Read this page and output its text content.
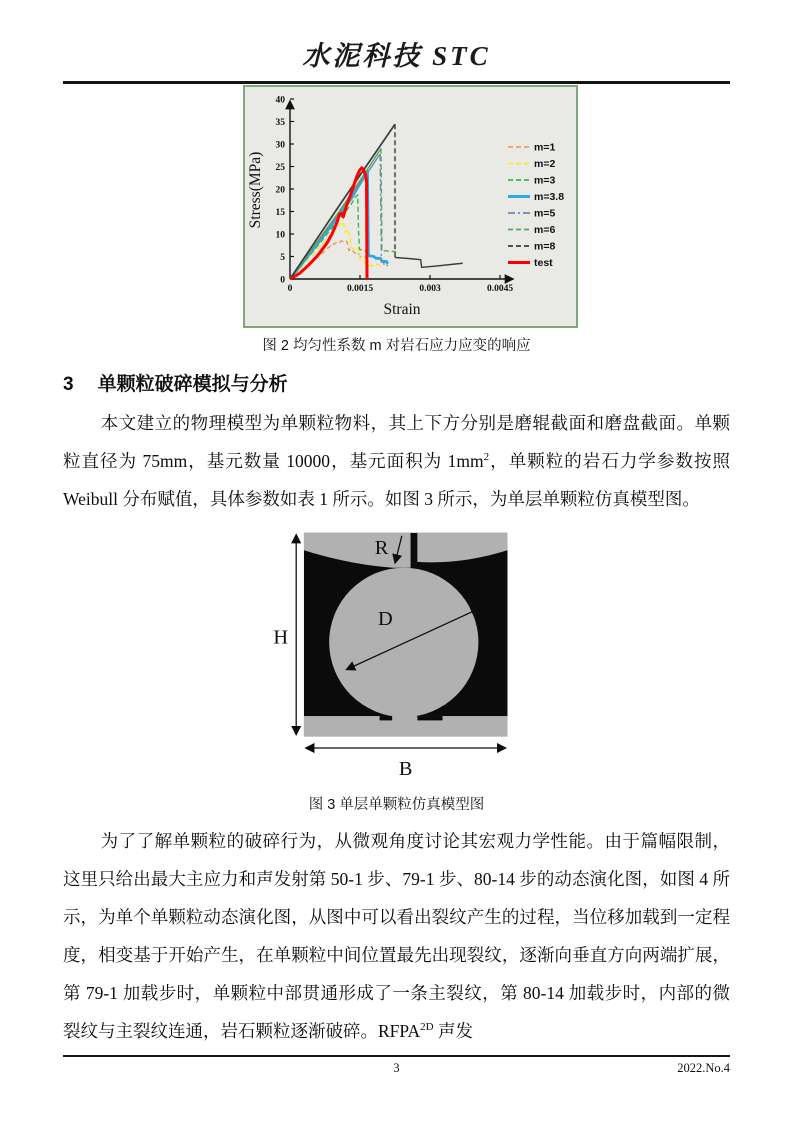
水泥科技 STC
0	0.0015	0.003	0.0045
0
5
10
15
20
25
30
35
40
m=1
m=2
m=3
m=3.8
m=5
m=6
m=8
test
Strain
Stress(MPa)
图 2 均匀性系数 m 对岩石应力应变的响应
3 单颗粒破碎模拟与分析
本文建立的物理模型为单颗粒物料，其上下方分别是磨辊截面和磨盘截面。单颗粒直径为 75mm，基元数量 10000，基元面积为 $1mm^2$，单颗粒的岩石力学参数按照 Weibull 分布赋值，具体参数如表 1 所示。如图 3 所示，为单层单颗粒仿真模型图。
D
R
H
B
图 3 单层单颗粒仿真模型图
为了了解单颗粒的破碎行为，从微观角度讨论其宏观力学性能。由于篇幅限制，这里只给出最大主应力和声发射第 50-1 步、79-1 步、80-14 步的动态演化图，如图 4 所示，为单个单颗粒动态演化图，从图中可以看出裂纹产生的过程，当位移加载到一定程度，相变基于开始产生，在单颗粒中间位置最先出现裂纹，逐渐向垂直方向两端扩展，第 79-1 加载步时，单颗粒中部贯通形成了一条主裂纹，第 80-14 加载步时，内部的微裂纹与主裂纹连通，岩石颗粒逐渐破碎。$RFPA^{2D}$ 声发
3	2022.No.4
